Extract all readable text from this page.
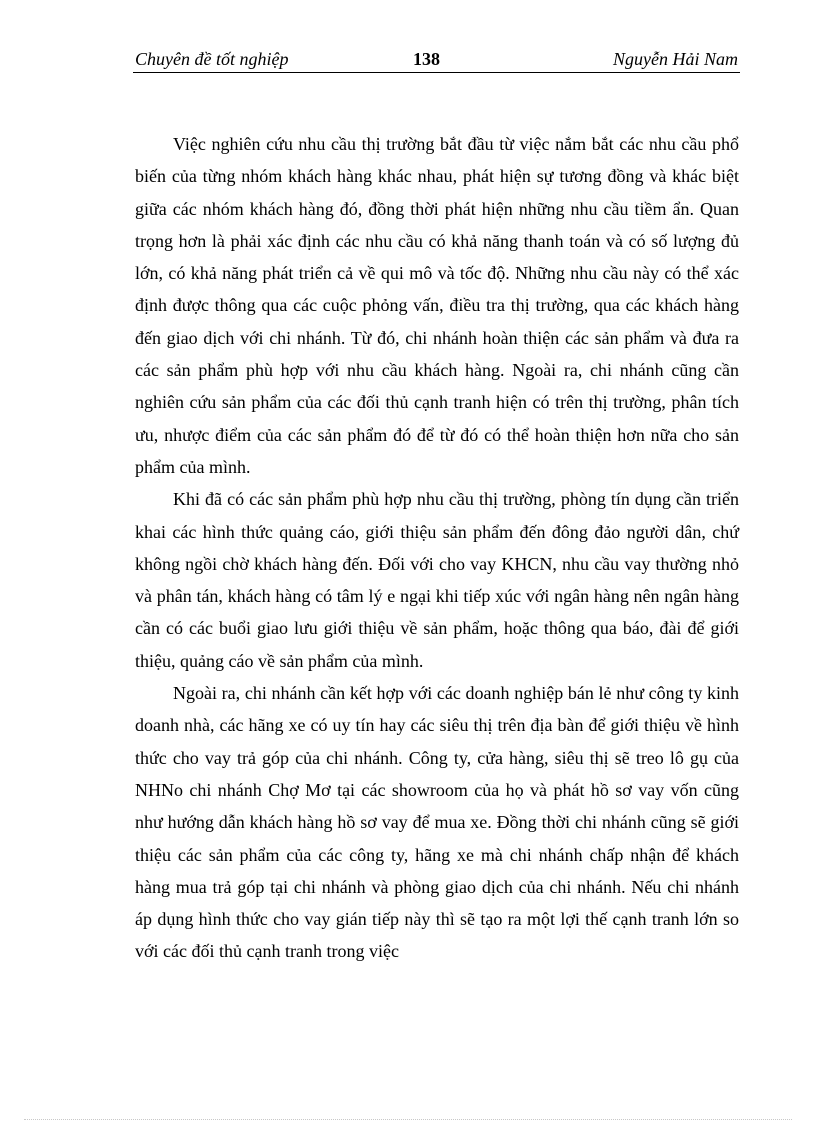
Chuyên đề tốt nghiệp	138	Nguyễn Hải Nam

Việc nghiên cứu nhu cầu thị trường bắt đầu từ việc nắm bắt các nhu cầu phổ biến của từng nhóm khách hàng khác nhau, phát hiện sự tương đồng và khác biệt giữa các nhóm khách hàng đó, đồng thời phát hiện những nhu cầu tiềm ẩn. Quan trọng hơn là phải xác định các nhu cầu có khả năng thanh toán và có số lượng đủ lớn, có khả năng phát triển cả về qui mô và tốc độ. Những nhu cầu này có thể xác định được thông qua các cuộc phỏng vấn, điều tra thị trường, qua các khách hàng đến giao dịch với chi nhánh. Từ đó, chi nhánh hoàn thiện các sản phẩm và đưa ra các sản phẩm phù hợp với nhu cầu khách hàng. Ngoài ra, chi nhánh cũng cần nghiên cứu sản phẩm của các đối thủ cạnh tranh hiện có trên thị trường, phân tích ưu, nhược điểm của các sản phẩm đó để từ đó có thể hoàn thiện hơn nữa cho sản phẩm của mình.

Khi đã có các sản phẩm phù hợp nhu cầu thị trường, phòng tín dụng cần triển khai các hình thức quảng cáo, giới thiệu sản phẩm đến đông đảo người dân, chứ không ngồi chờ khách hàng đến. Đối với cho vay KHCN, nhu cầu vay thường nhỏ và phân tán, khách hàng có tâm lý e ngại khi tiếp xúc với ngân hàng nên ngân hàng cần có các buổi giao lưu giới thiệu về sản phẩm, hoặc thông qua báo, đài để giới thiệu, quảng cáo về sản phẩm của mình.

Ngoài ra, chi nhánh cần kết hợp với các doanh nghiệp bán lẻ như công ty kinh doanh nhà, các hãng xe có uy tín hay các siêu thị trên địa bàn để giới thiệu về hình thức cho vay trả góp của chi nhánh. Công ty, cửa hàng, siêu thị sẽ treo lô gụ của NHNo chi nhánh Chợ Mơ tại các showroom của họ và phát hồ sơ vay vốn cũng như hướng dẫn khách hàng hồ sơ vay để mua xe. Đồng thời chi nhánh cũng sẽ giới thiệu các sản phẩm của các công ty, hãng xe mà chi nhánh chấp nhận để khách hàng mua trả góp tại chi nhánh và phòng giao dịch của chi nhánh. Nếu chi nhánh áp dụng hình thức cho vay gián tiếp này thì sẽ tạo ra một lợi thế cạnh tranh lớn so với các đối thủ cạnh tranh trong việc
